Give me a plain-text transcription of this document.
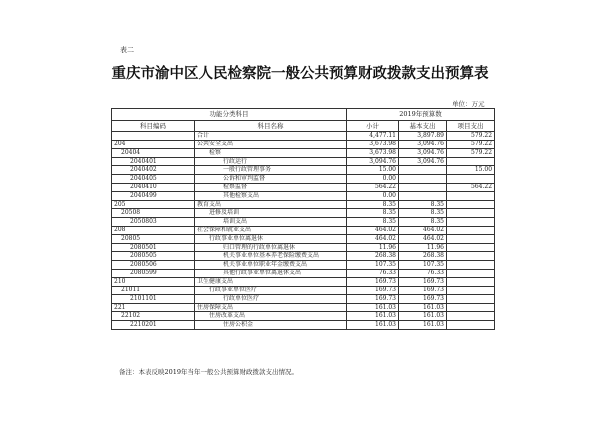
表二
重庆市渝中区人民检察院一般公共预算财政拨款支出预算表
单位：万元
功能分类科目		2019年预算数		
科目编码	科目名称	小计	基本支出	项目支出
	合计	4,477.11	3,897.89	579.22
204	公共安全支出	3,673.98	3,094.76	579.22
20404	检察	3,673.98	3,094.76	579.22
2040401	行政运行	3,094.76	3,094.76	
2040402	一般行政管理事务	15.00		15.00
2040405	公诉和审判监督	0.00		
2040410	检察监督	564.22		564.22
2040499	其他检察支出	0.00		
205	教育支出	8.35	8.35	
20508	进修及培训	8.35	8.35	
2050803	培训支出	8.35	8.35	
208	社会保障和就业支出	464.02	464.02	
20805	行政事业单位离退休	464.02	464.02	
2080501	归口管理的行政单位离退休	11.96	11.96	
2080505	机关事业单位基本养老保险缴费支出	268.38	268.38	
2080506	机关事业单位职业年金缴费支出	107.35	107.35	
2080599	其他行政事业单位离退休支出	76.33	76.33	
210	卫生健康支出	169.73	169.73	
21011	行政事业单位医疗	169.73	169.73	
2101101	行政单位医疗	169.73	169.73	
221	住房保障支出	161.03	161.03	
22102	住房改革支出	161.03	161.03	
2210201	住房公积金	161.03	161.03	
备注：本表反映2019年当年一般公共预算财政拨款支出情况。
